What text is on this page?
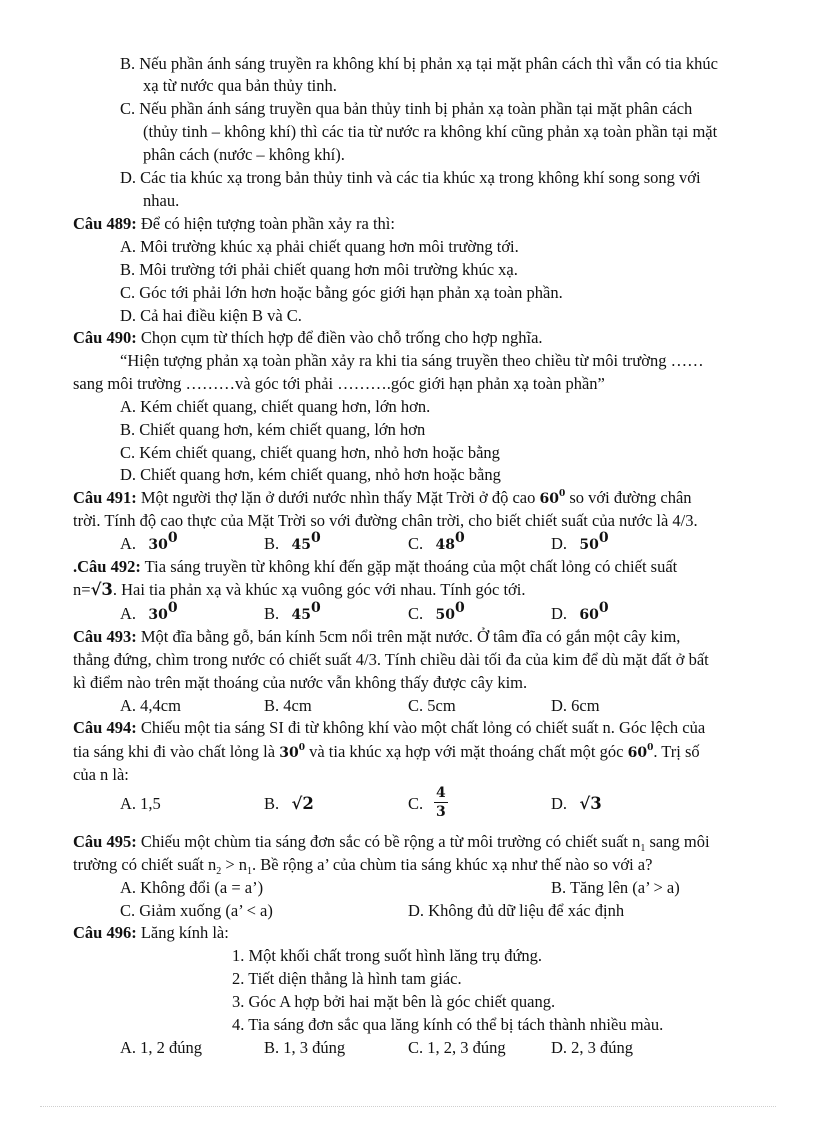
B. Nếu phần ánh sáng truyền ra không khí bị phản xạ tại mặt phân cách thì vẫn có tia khúc
xạ từ nước qua bản thủy tinh.
C. Nếu phần ánh sáng truyền qua bản thủy tinh bị phản xạ toàn phần tại mặt phân cách
(thủy tinh – không khí) thì các tia từ nước ra không khí cũng phản xạ toàn phần tại mặt
phân cách (nước – không khí).
D. Các tia khúc xạ trong bản thủy tinh và các tia khúc xạ trong không khí song song với
nhau.
Câu 489: Để có hiện tượng toàn phần xảy ra thì:
A. Môi trường khúc xạ phải chiết quang hơn môi trường tới.
B. Môi trường tới phải chiết quang hơn môi trường khúc xạ.
C. Góc tới phải lớn hơn hoặc bằng góc giới hạn phản xạ toàn phần.
D. Cả hai điều kiện B và C.
Câu 490: Chọn cụm từ thích hợp để điền vào chỗ trống cho hợp nghĩa.
“Hiện tượng phản xạ toàn phần xảy ra khi tia sáng truyền theo chiều từ môi trường ……
sang môi trường ………và góc tới phải ……….góc giới hạn phản xạ toàn phần”
A. Kém chiết quang, chiết quang hơn, lớn hơn.
B. Chiết quang hơn, kém chiết quang, lớn hơn
C. Kém chiết quang, chiết quang hơn, nhỏ hơn hoặc bằng
D. Chiết quang hơn, kém chiết quang, nhỏ hơn hoặc bằng
Câu 491: Một người thợ lặn ở dưới nước nhìn thấy Mặt Trời ở độ cao $60^0$ so với đường chân
trời. Tính độ cao thực của Mặt Trời so với đường chân trời, cho biết chiết suất của nước là 4/3.
A. $30^0$	B. $45^0$	C. $48^0$	D. $50^0$
.Câu 492: Tia sáng truyền từ không khí đến gặp mặt thoáng của một chất lỏng có chiết suất
n=√3. Hai tia phản xạ và khúc xạ vuông góc với nhau. Tính góc tới.
A. $30^0$	B. $45^0$	C. $50^0$	D. $60^0$
Câu 493: Một đĩa bằng gỗ, bán kính 5cm nổi trên mặt nước. Ở tâm đĩa có gắn một cây kim,
thẳng đứng, chìm trong nước có chiết suất 4/3. Tính chiều dài tối đa của kim để dù mặt đất ở bất
kì điểm nào trên mặt thoáng của nước vẫn không thấy được cây kim.
A. 4,4cm	B. 4cm	C. 5cm	D. 6cm
Câu 494: Chiếu một tia sáng SI đi từ không khí vào một chất lỏng có chiết suất n. Góc lệch của
tia sáng khi đi vào chất lỏng là $30^0$ và tia khúc xạ hợp với mặt thoáng chất một góc $60^0$. Trị số
của n là:
A. 1,5	B. √2	C. $\frac{4}{3}$	D. √3
Câu 495: Chiếu một chùm tia sáng đơn sắc có bề rộng a từ môi trường có chiết suất $n_1$ sang môi
trường có chiết suất $n_2 > n_1$. Bề rộng a’ của chùm tia sáng khúc xạ như thế nào so với a?
A. Không đổi (a = a’)	B. Tăng lên (a’ > a)
C. Giảm xuống (a’ < a)	D. Không đủ dữ liệu để xác định
Câu 496: Lăng kính là:
1. Một khối chất trong suốt hình lăng trụ đứng.
2. Tiết diện thẳng là hình tam giác.
3. Góc A hợp bởi hai mặt bên là góc chiết quang.
4. Tia sáng đơn sắc qua lăng kính có thể bị tách thành nhiều màu.
A. 1, 2 đúng	B. 1, 3 đúng	C. 1, 2, 3 đúng	D. 2, 3 đúng
